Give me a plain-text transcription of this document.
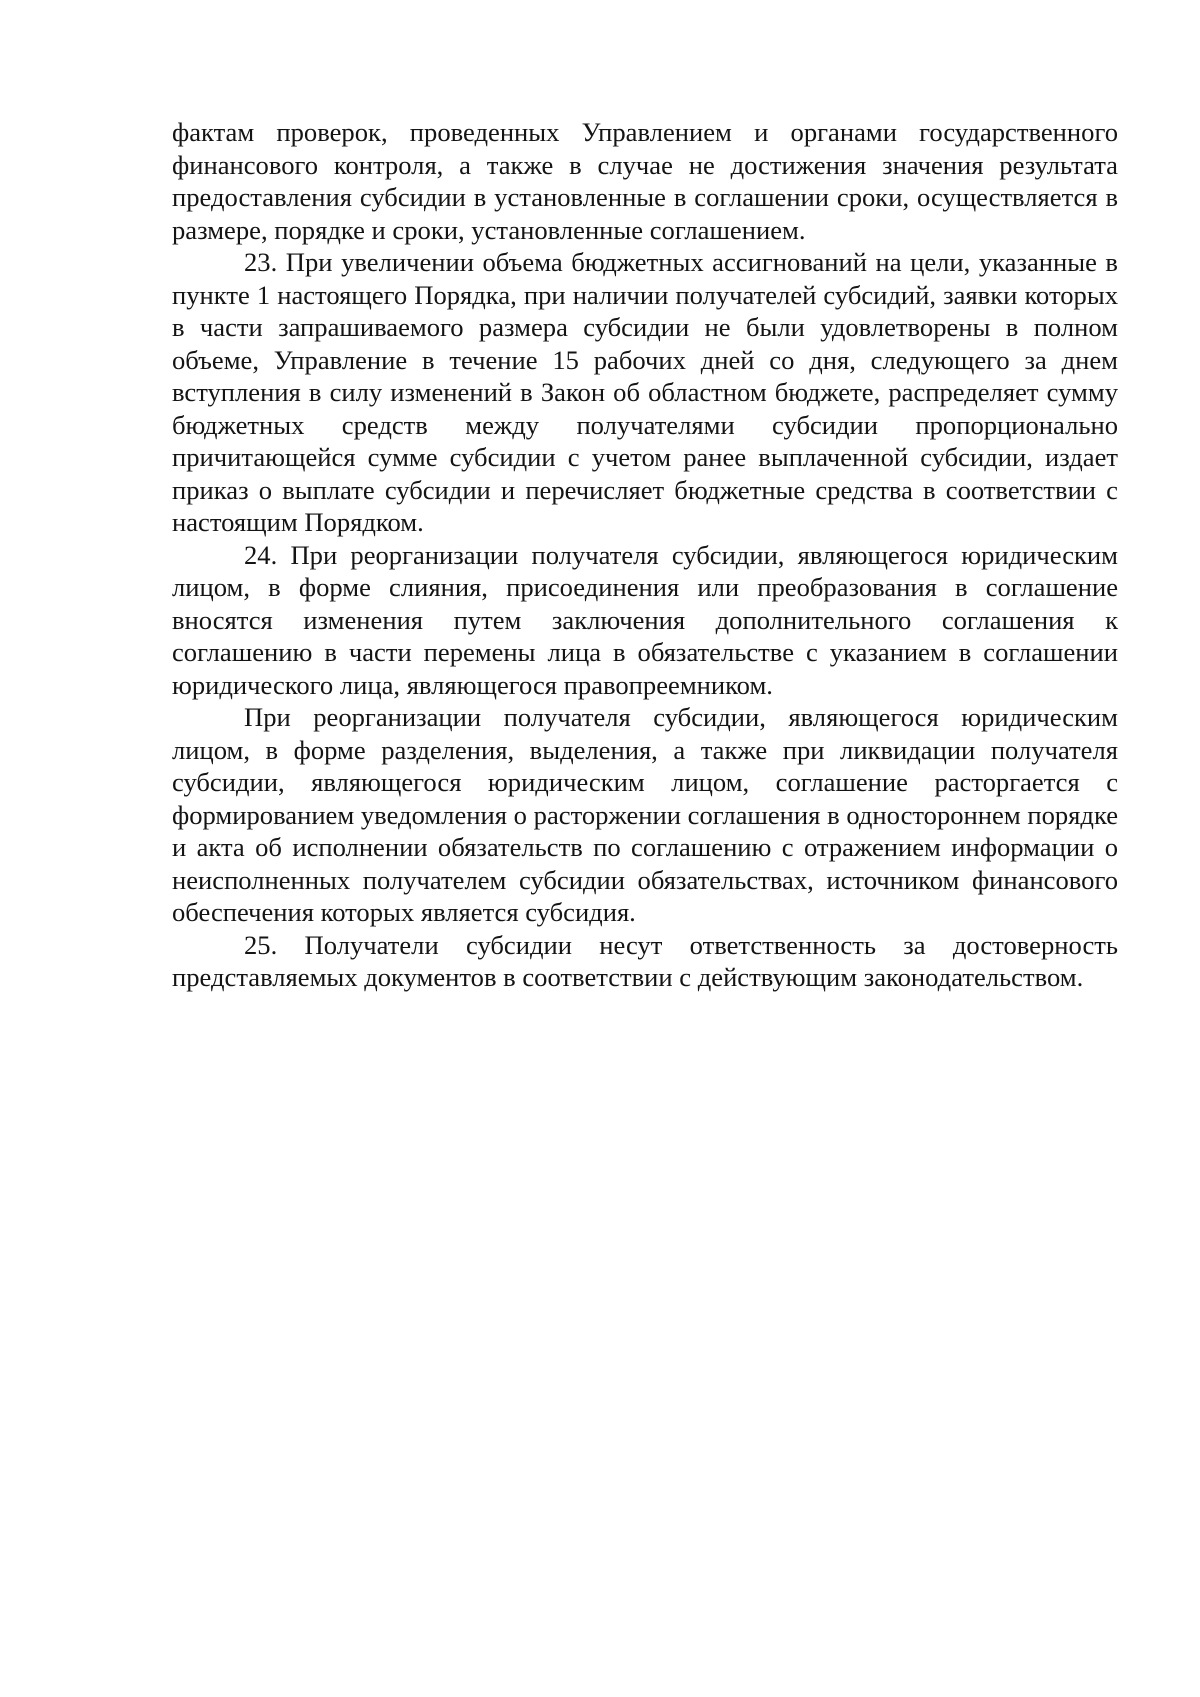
фактам проверок, проведенных Управлением и органами государственного финансового контроля, а также в случае не достижения значения результата предоставления субсидии в установленные в соглашении сроки, осуществляется в размере, порядке и сроки, установленные соглашением.

23. При увеличении объема бюджетных ассигнований на цели, указанные в пункте 1 настоящего Порядка, при наличии получателей субсидий, заявки которых в части запрашиваемого размера субсидии не были удовлетворены в полном объеме, Управление в течение 15 рабочих дней со дня, следующего за днем вступления в силу изменений в Закон об областном бюджете, распределяет сумму бюджетных средств между получателями субсидии пропорционально причитающейся сумме субсидии с учетом ранее выплаченной субсидии, издает приказ о выплате субсидии и перечисляет бюджетные средства в соответствии с настоящим Порядком.

24. При реорганизации получателя субсидии, являющегося юридическим лицом, в форме слияния, присоединения или преобразования в соглашение вносятся изменения путем заключения дополнительного соглашения к соглашению в части перемены лица в обязательстве с указанием в соглашении юридического лица, являющегося правопреемником.

При реорганизации получателя субсидии, являющегося юридическим лицом, в форме разделения, выделения, а также при ликвидации получателя субсидии, являющегося юридическим лицом, соглашение расторгается с формированием уведомления о расторжении соглашения в одностороннем порядке и акта об исполнении обязательств по соглашению с отражением информации о неисполненных получателем субсидии обязательствах, источником финансового обеспечения которых является субсидия.

25. Получатели субсидии несут ответственность за достоверность представляемых документов в соответствии с действующим законодательством.
